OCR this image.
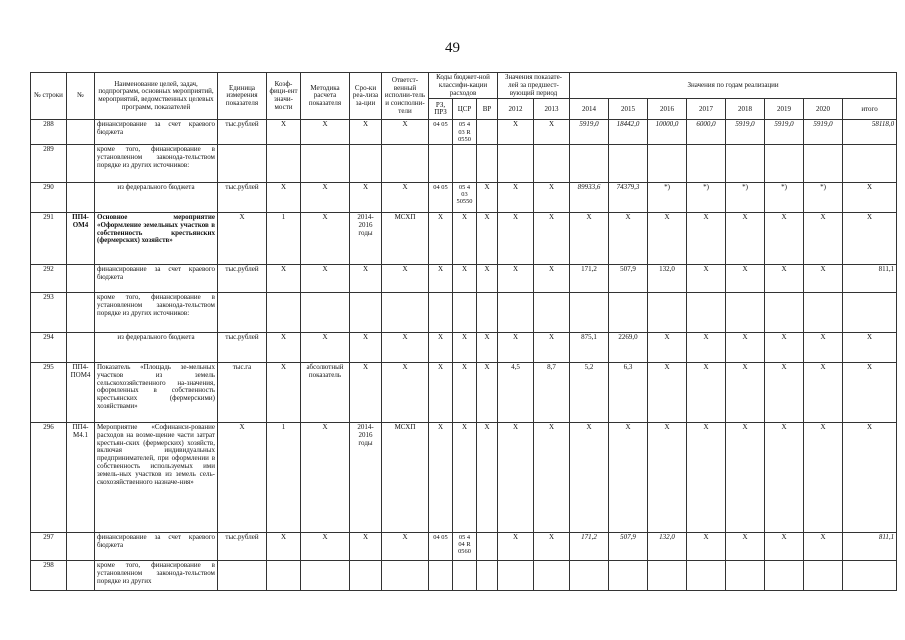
49
№ строки	№	Наименование целей, задач, подпрограмм, основных мероприятий, мероприятий, ведомственных целевых программ, показателей	Единица измерения показателя	Коэф-фици-ент значи-мости	Методика расчета показателя	Сро-ки реа-лиза за-ции	Ответст-венный исполни-тель и соисполни-тели	Коды бюджет-ной классифи-кации расходов			Значения показате-лей за предшест-вующий период		Значения по годам реализации							
								РЗ, ПРЗ	ЦСР	ВР	2012	2013	2014	2015	2016	2017	2018	2019	2020	итого
288		финансирование за счет краевого бюджета	тыс.рублей	Х	Х	Х	Х	04 05	05 4 03 R 0550		Х	Х	5919,0	18442,0	10000,0	6000,0	5919,0	5919,0	5919,0	58118,0
289		кроме того, финансирование в установленном законода-тельством порядке из других источников:																		
290		из федерального бюджета	тыс.рублей	Х	Х	Х	Х	04 05	05 4 03 50550	Х	Х	Х	89933,6	74379,3	*)	*)	*)	*)	*)	Х
291	ПП4-ОМ4	Основное мероприятие «Оформление земельных участков в собственность крестьянских (фермерских) хозяйств»	Х	1	Х	2014-2016 годы	МСХП	Х	Х	Х	Х	Х	Х	Х	Х	Х	Х	Х	Х	Х
292		финансирование за счет краевого бюджета	тыс.рублей	Х	Х	Х	Х	Х	Х	Х	Х	Х	171,2	507,9	132,0	Х	Х	Х	Х	811,1
293		кроме того, финансирование в установленном законода-тельством порядке из других источников:																		
294		из федерального бюджета	тыс.рублей	Х	Х	Х	Х	Х	Х	Х	Х	Х	875,1	2269,0	Х	Х	Х	Х	Х	Х
295	ПП4-ПОМ4	Показатель «Площадь зе-мельных участков из земель сельскохозяйственного на-значения, оформленных в собственность крестьянских (фермерскими) хозяйствами»	тыс.га	Х	абсолютный показатель	Х	Х	Х	Х	Х	4,5	8,7	5,2	6,3	Х	Х	Х	Х	Х	Х
296	ПП4-М4.1	Мероприятие «Софинанси-рование расходов на возме-щение части затрат крестьян-ских (фермерских) хозяйств, включая индивидуальных предпринимателей, при оформлении в собственность используемых ими земель-ных участков из земель сель-скохозяйственного назначе-ния»	Х	1	Х	2014-2016 годы	МСХП	Х	Х	Х	Х	Х	Х	Х	Х	Х	Х	Х	Х	Х
297		финансирование за счет краевого бюджета	тыс.рублей	Х	Х	Х	Х	04 05	05 4 04 R 0560		Х	Х	171,2	507,9	132,0	Х	Х	Х	Х	811,1
298		кроме того, финансирование в установленном законода-тельством порядке из других																		
